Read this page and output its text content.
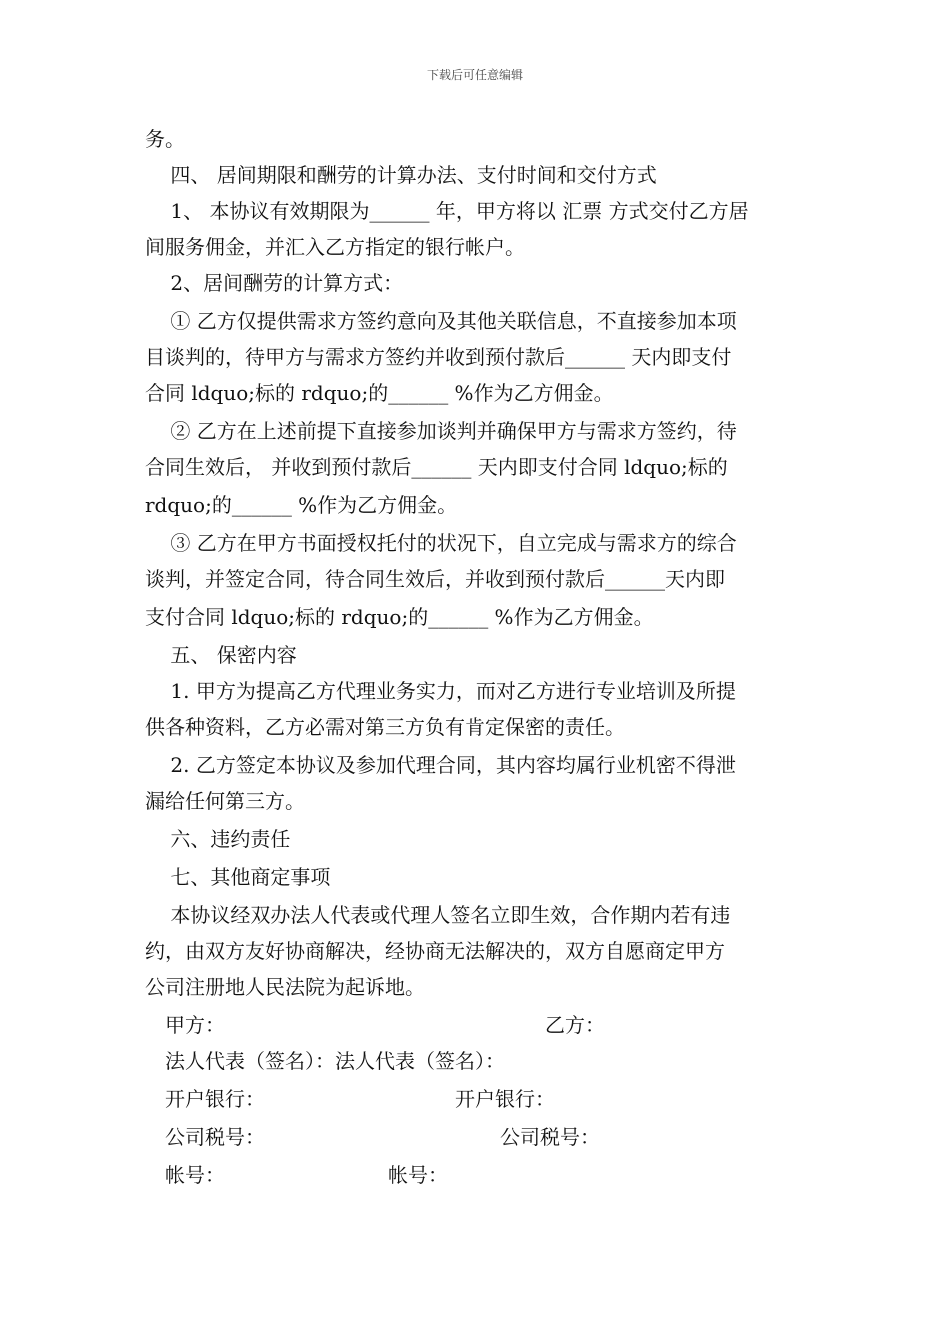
下载后可任意编辑
务。
四、 居间期限和酬劳的计算办法、支付时间和交付方式
1、 本协议有效期限为______ 年，甲方将以 汇票 方式交付乙方居
间服务佣金，并汇入乙方指定的银行帐户。
2、居间酬劳的计算方式：
① 乙方仅提供需求方签约意向及其他关联信息，不直接参加本项
目谈判的，待甲方与需求方签约并收到预付款后______ 天内即支付
合同 ldquo;标的 rdquo;的______ %作为乙方佣金。
② 乙方在上述前提下直接参加谈判并确保甲方与需求方签约，待
合同生效后， 并收到预付款后______ 天内即支付合同 ldquo;标的
rdquo;的______ %作为乙方佣金。
③ 乙方在甲方书面授权托付的状况下，自立完成与需求方的综合
谈判，并签定合同，待合同生效后，并收到预付款后______天内即
支付合同 ldquo;标的 rdquo;的______ %作为乙方佣金。
五、 保密内容
1. 甲方为提高乙方代理业务实力，而对乙方进行专业培训及所提
供各种资料，乙方必需对第三方负有肯定保密的责任。
2. 乙方签定本协议及参加代理合同，其内容均属行业机密不得泄
漏给任何第三方。
六、违约责任
七、其他商定事项
本协议经双办法人代表或代理人签名立即生效，合作期内若有违
约，由双方友好协商解决，经协商无法解决的，双方自愿商定甲方
公司注册地人民法院为起诉地。
甲方：	乙方：
法人代表（签名）：法人代表（签名）：
开户银行：	开户银行：
公司税号：	公司税号：
帐号：	帐号：
